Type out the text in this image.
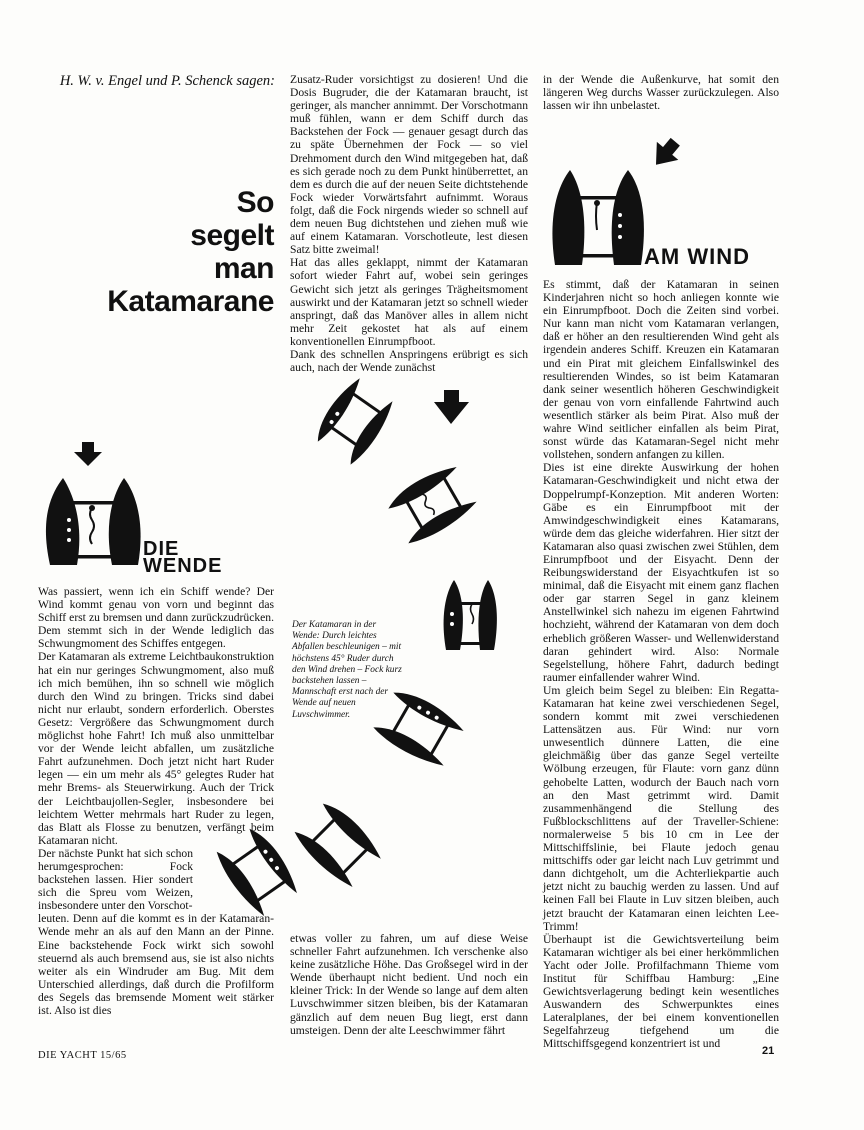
H. W. v. Engel und P. Schenck sagen:
So
segelt
man
Katamarane
DIE
WENDE
AM WIND

Zusatz-Ruder vorsichtigst zu dosieren! Und die Dosis Bugruder, die der Katamaran braucht, ist geringer, als mancher annimmt. Der Vorschotmann muß fühlen, wann er dem Schiff durch das Backstehen der Fock — genauer gesagt durch das zu späte Übernehmen der Fock — so viel Drehmoment durch den Wind mitgegeben hat, daß es sich gerade noch zu dem Punkt hinüberrettet, an dem es durch die auf der neuen Seite dichtstehende Fock wieder Vorwärtsfahrt aufnimmt. Woraus folgt, daß die Fock nirgends wieder so schnell auf dem neuen Bug dichtstehen und ziehen muß wie auf einem Katamaran. Vorschotleute, lest diesen Satz bitte zweimal!

Hat das alles geklappt, nimmt der Katamaran sofort wieder Fahrt auf, wobei sein geringes Gewicht sich jetzt als geringes Trägheitsmoment auswirkt und der Katamaran jetzt so schnell wieder anspringt, daß das Manöver alles in allem nicht mehr Zeit gekostet hat als auf einem konventionellen Einrumpfboot.

Dank des schnellen Anspringens erübrigt es sich auch, nach der Wende zunächst

Der Katamaran in der Wende: Durch leichtes Abfallen beschleunigen – mit höchstens 45° Ruder durch den Wind drehen – Fock kurz backstehen lassen – Mannschaft erst nach der Wende auf neuen Luvschwimmer.

etwas voller zu fahren, um auf diese Weise schneller Fahrt aufzunehmen. Ich verschenke also keine zusätzliche Höhe. Das Großsegel wird in der Wende überhaupt nicht bedient. Und noch ein kleiner Trick: In der Wende so lange auf dem alten Luvschwimmer sitzen bleiben, bis der Katamaran gänzlich auf dem neuen Bug liegt, erst dann umsteigen. Denn der alte Leeschwimmer fährt

in der Wende die Außenkurve, hat somit den längeren Weg durchs Wasser zurückzulegen. Also lassen wir ihn unbelastet.

Es stimmt, daß der Katamaran in seinen Kinderjahren nicht so hoch anliegen konnte wie ein Einrumpfboot. Doch die Zeiten sind vorbei. Nur kann man nicht vom Katamaran verlangen, daß er höher an den resultierenden Wind geht als irgendein anderes Schiff. Kreuzen ein Katamaran und ein Pirat mit gleichem Einfallswinkel des resultierenden Windes, so ist beim Katamaran dank seiner wesentlich höheren Geschwindigkeit der genau von vorn einfallende Fahrtwind auch wesentlich stärker als beim Pirat. Also muß der wahre Wind seitlicher einfallen als beim Pirat, sonst würde das Katamaran-Segel nicht mehr vollstehen, sondern anfangen zu killen.

Dies ist eine direkte Auswirkung der hohen Katamaran-Geschwindigkeit und nicht etwa der Doppelrumpf-Konzeption. Mit anderen Worten: Gäbe es ein Einrumpfboot mit der Amwindgeschwindigkeit eines Katamarans, würde dem das gleiche widerfahren. Hier sitzt der Katamaran also quasi zwischen zwei Stühlen, dem Einrumpfboot und der Eisyacht. Denn der Reibungswiderstand der Eisyachtkufen ist so minimal, daß die Eisyacht mit einem ganz flachen oder gar starren Segel in ganz kleinem Anstellwinkel sich nahezu im eigenen Fahrtwind hochzieht, während der Katamaran von dem doch erheblich größeren Wasser- und Wellenwiderstand daran gehindert wird. Also: Normale Segelstellung, höhere Fahrt, dadurch bedingt raumer einfallender wahrer Wind.

Um gleich beim Segel zu bleiben: Ein Regatta-Katamaran hat keine zwei verschiedenen Segel, sondern kommt mit zwei verschiedenen Lattensätzen aus. Für Wind: nur vorn unwesentlich dünnere Latten, die eine gleichmäßig über das ganze Segel verteilte Wölbung erzeugen, für Flaute: vorn ganz dünn gehobelte Latten, wodurch der Bauch nach vorn an den Mast getrimmt wird. Damit zusammenhängend die Stellung des Fußblockschlittens auf der Traveller-Schiene: normalerweise 5 bis 10 cm in Lee der Mittschiffslinie, bei Flaute jedoch genau mittschiffs oder gar leicht nach Luv getrimmt und dann dichtgeholt, um die Achterliekpartie auch jetzt nicht zu bauchig werden zu lassen. Und auf keinen Fall bei Flaute in Luv sitzen bleiben, auch jetzt braucht der Katamaran einen leichten Lee-Trimm!

Überhaupt ist die Gewichtsverteilung beim Katamaran wichtiger als bei einer herkömmlichen Yacht oder Jolle. Profilfachmann Thieme vom Institut für Schiffbau Hamburg: „Eine Gewichtsverlagerung bedingt kein wesentliches Auswandern des Schwerpunktes eines Lateralplanes, der bei einem konventionellen Segelfahrzeug tiefgehend um die Mittschiffsgegend konzentriert ist und

Was passiert, wenn ich ein Schiff wende? Der Wind kommt genau von vorn und beginnt das Schiff erst zu bremsen und dann zurückzudrücken. Dem stemmt sich in der Wende lediglich das Schwungmoment des Schiffes entgegen.

Der Katamaran als extreme Leichtbaukonstruktion hat ein nur geringes Schwungmoment, also muß ich mich bemühen, ihn so schnell wie möglich durch den Wind zu bringen. Tricks sind dabei nicht nur erlaubt, sondern erforderlich. Oberstes Gesetz: Vergrößere das Schwungmoment durch möglichst hohe Fahrt! Ich muß also unmittelbar vor der Wende leicht abfallen, um zusätzliche Fahrt aufzunehmen. Doch jetzt nicht hart Ruder legen — ein um mehr als 45° gelegtes Ruder hat mehr Brems- als Steuerwirkung. Auch der Trick der Leichtbaujollen-Segler, insbesondere bei leichtem Wetter mehrmals hart Ruder zu legen, das Blatt als Flosse zu benutzen, verfängt beim Katamaran nicht.

Der nächste Punkt hat sich schon herumgesprochen: Fock backstehen lassen. Hier sondert sich die Spreu vom Weizen, insbesondere unter den Vorschot-

leuten. Denn auf die kommt es in der Katamaran-Wende mehr an als auf den Mann an der Pinne. Eine backstehende Fock wirkt sich sowohl steuernd als auch bremsend aus, sie ist also nichts weiter als ein Windruder am Bug. Mit dem Unterschied allerdings, daß durch die Profilform des Segels das bremsende Moment weit stärker ist. Also ist dies

DIE YACHT 15/65	21
